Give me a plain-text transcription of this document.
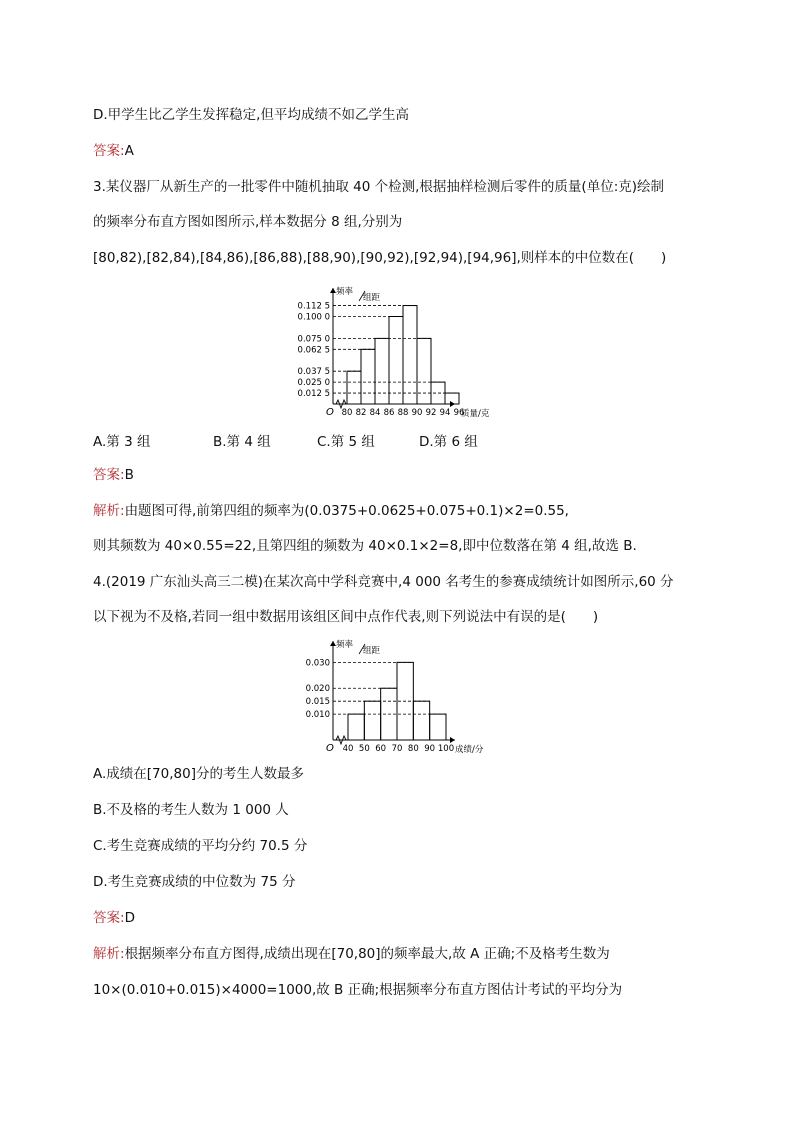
D.甲学生比乙学生发挥稳定,但平均成绩不如乙学生高
答案:A
3.某仪器厂从新生产的一批零件中随机抽取 40 个检测,根据抽样检测后零件的质量(单位:克)绘制
的频率分布直方图如图所示,样本数据分 8 组,分别为
[80,82),[82,84),[84,86),[86,88),[88,90),[90,92),[92,94),[94,96],则样本的中位数在(　　)
0.012 5
0.025 0
0.037 5
0.062 5
0.075 0
0.100 0
0.112 5
O 80 82 84 86 88 90 92 94 96
质量/克
频率
组距
A.第 3 组	B.第 4 组	C.第 5 组	D.第 6 组
答案:B
解析:由题图可得,前第四组的频率为(0.0375+0.0625+0.075+0.1)×2=0.55,
则其频数为 40×0.55=22,且第四组的频数为 40×0.1×2=8,即中位数落在第 4 组,故选 B.
4.(2019 广东汕头高三二模)在某次高中学科竞赛中,4 000 名考生的参赛成绩统计如图所示,60 分
以下视为不及格,若同一组中数据用该组区间中点作代表,则下列说法中有误的是(　　)
0.010
0.015
0.020
0.030
O 40 50 60 70 80 90 100 成绩/分
频率
组距
A.成绩在[70,80]分的考生人数最多
B.不及格的考生人数为 1 000 人
C.考生竞赛成绩的平均分约 70.5 分
D.考生竞赛成绩的中位数为 75 分
答案:D
解析:根据频率分布直方图得,成绩出现在[70,80]的频率最大,故 A 正确;不及格考生数为
10×(0.010+0.015)×4000=1000,故 B 正确;根据频率分布直方图估计考试的平均分为
